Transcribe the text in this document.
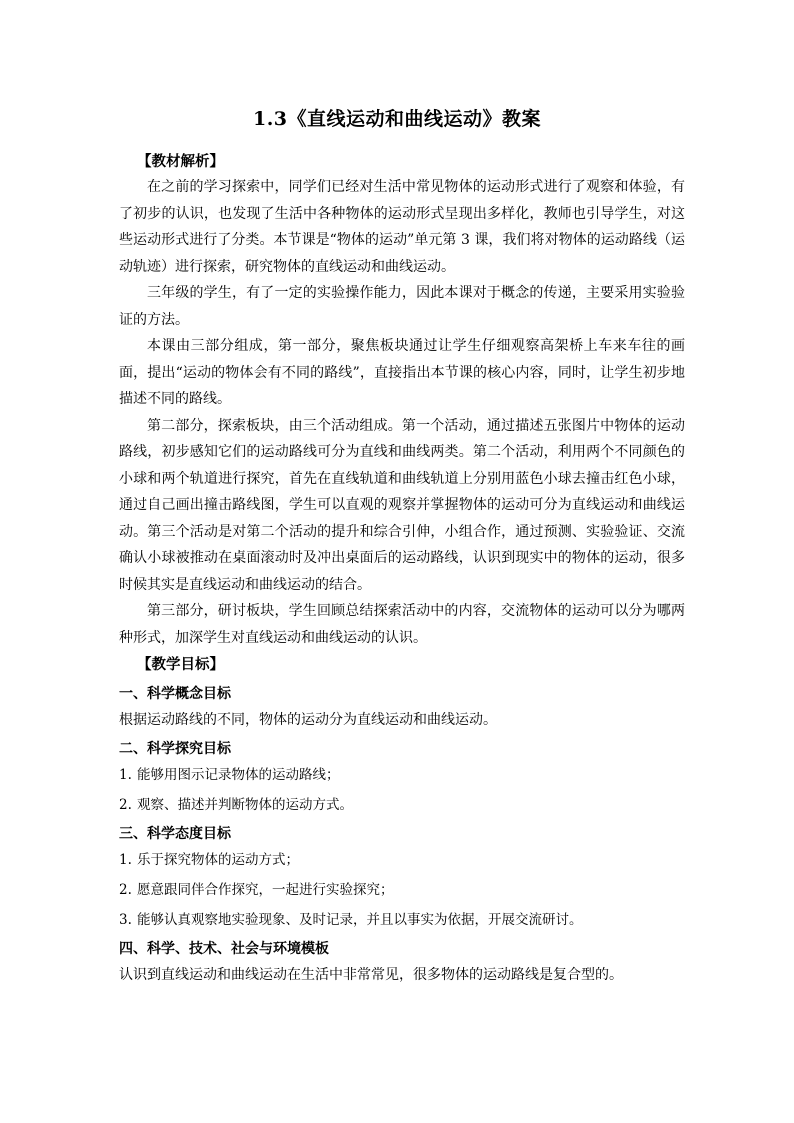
1.3《直线运动和曲线运动》教案
【教材解析】

在之前的学习探索中，同学们已经对生活中常见物体的运动形式进行了观察和体验，有了初步的认识，也发现了生活中各种物体的运动形式呈现出多样化，教师也引导学生，对这些运动形式进行了分类。本节课是“物体的运动”单元第 3 课，我们将对物体的运动路线（运动轨迹）进行探索，研究物体的直线运动和曲线运动。

三年级的学生，有了一定的实验操作能力，因此本课对于概念的传递，主要采用实验验证的方法。

本课由三部分组成，第一部分，聚焦板块通过让学生仔细观察高架桥上车来车往的画面，提出“运动的物体会有不同的路线”，直接指出本节课的核心内容，同时，让学生初步地描述不同的路线。

第二部分，探索板块，由三个活动组成。第一个活动，通过描述五张图片中物体的运动路线，初步感知它们的运动路线可分为直线和曲线两类。第二个活动，利用两个不同颜色的小球和两个轨道进行探究，首先在直线轨道和曲线轨道上分别用蓝色小球去撞击红色小球，通过自己画出撞击路线图，学生可以直观的观察并掌握物体的运动可分为直线运动和曲线运动。第三个活动是对第二个活动的提升和综合引伸，小组合作，通过预测、实验验证、交流确认小球被推动在桌面滚动时及冲出桌面后的运动路线，认识到现实中的物体的运动，很多时候其实是直线运动和曲线运动的结合。

第三部分，研讨板块，学生回顾总结探索活动中的内容，交流物体的运动可以分为哪两种形式，加深学生对直线运动和曲线运动的认识。

【教学目标】
一、科学概念目标

根据运动路线的不同，物体的运动分为直线运动和曲线运动。

二、科学探究目标

1. 能够用图示记录物体的运动路线；

2. 观察、描述并判断物体的运动方式。

三、科学态度目标

1. 乐于探究物体的运动方式；

2. 愿意跟同伴合作探究，一起进行实验探究；

3. 能够认真观察地实验现象、及时记录，并且以事实为依据，开展交流研讨。

四、科学、技术、社会与环境模板

认识到直线运动和曲线运动在生活中非常常见，很多物体的运动路线是复合型的。
